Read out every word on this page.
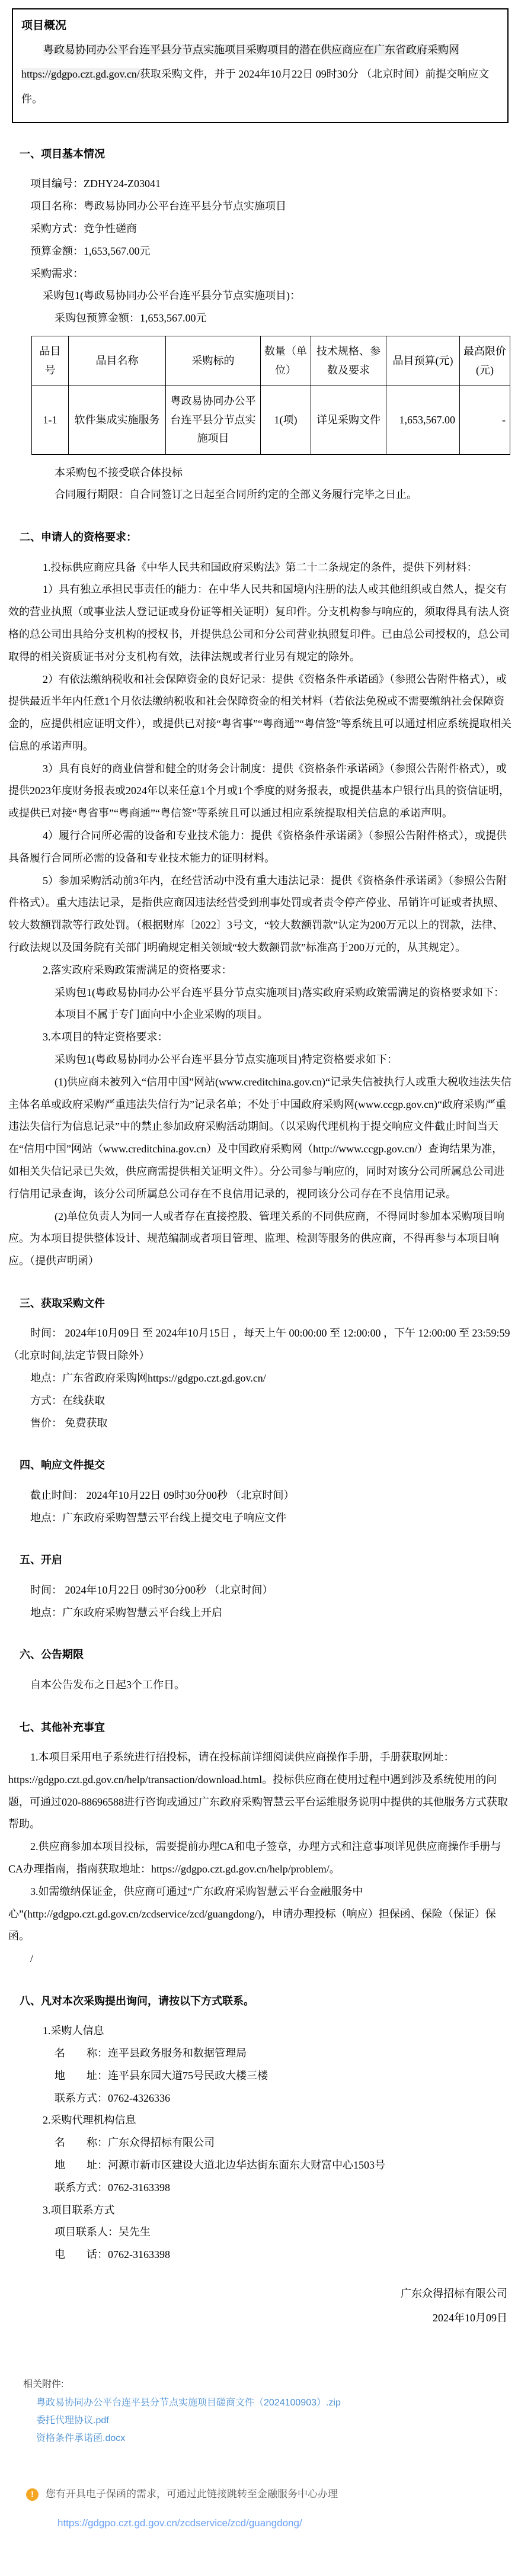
项目概况

粤政易协同办公平台连平县分节点实施项目采购项目的潜在供应商应在广东省政府采购网https://gdgpo.czt.gd.gov.cn/获取采购文件，并于 2024年10月22日 09时30分 （北京时间）前提交响应文件。

一、项目基本情况

项目编号：ZDHY24-Z03041

项目名称：粤政易协同办公平台连平县分节点实施项目

采购方式：竞争性磋商

预算金额：1,653,567.00元

采购需求：

采购包1(粤政易协同办公平台连平县分节点实施项目)：

采购包预算金额：1,653,567.00元

品目号	品目名称	采购标的	数量（单位）	技术规格、参数及要求	品目预算(元)	最高限价(元)
1-1	软件集成实施服务	粤政易协同办公平台连平县分节点实施项目	1(项)	详见采购文件	1,653,567.00	-

本采购包不接受联合体投标

合同履行期限：自合同签订之日起至合同所约定的全部义务履行完毕之日止。

二、申请人的资格要求：

1.投标供应商应具备《中华人民共和国政府采购法》第二十二条规定的条件，提供下列材料：

1）具有独立承担民事责任的能力：在中华人民共和国境内注册的法人或其他组织或自然人，提交有效的营业执照（或事业法人登记证或身份证等相关证明）复印件。分支机构参与响应的，须取得具有法人资格的总公司出具给分支机构的授权书，并提供总公司和分公司营业执照复印件。已由总公司授权的，总公司取得的相关资质证书对分支机构有效，法律法规或者行业另有规定的除外。

2）有依法缴纳税收和社会保障资金的良好记录：提供《资格条件承诺函》（参照公告附件格式），或提供最近半年内任意1个月依法缴纳税收和社会保障资金的相关材料（若依法免税或不需要缴纳社会保障资金的，应提供相应证明文件），或提供已对接“粤省事”“粤商通”“粤信签”等系统且可以通过相应系统提取相关信息的承诺声明。

3）具有良好的商业信誉和健全的财务会计制度：提供《资格条件承诺函》（参照公告附件格式），或提供2023年度财务报表或2024年以来任意1个月或1个季度的财务报表，或提供基本户银行出具的资信证明，或提供已对接“粤省事”“粤商通”“粤信签”等系统且可以通过相应系统提取相关信息的承诺声明。

4）履行合同所必需的设备和专业技术能力：提供《资格条件承诺函》（参照公告附件格式），或提供具备履行合同所必需的设备和专业技术能力的证明材料。

5）参加采购活动前3年内，在经营活动中没有重大违法记录：提供《资格条件承诺函》（参照公告附件格式）。重大违法记录，是指供应商因违法经营受到刑事处罚或者责令停产停业、吊销许可证或者执照、较大数额罚款等行政处罚。（根据财库〔2022〕3号文，“较大数额罚款”认定为200万元以上的罚款，法律、行政法规以及国务院有关部门明确规定相关领域“较大数额罚款”标准高于200万元的，从其规定）。

2.落实政府采购政策需满足的资格要求：

采购包1(粤政易协同办公平台连平县分节点实施项目)落实政府采购政策需满足的资格要求如下：

本项目不属于专门面向中小企业采购的项目。

3.本项目的特定资格要求：

采购包1(粤政易协同办公平台连平县分节点实施项目)特定资格要求如下：

(1)供应商未被列入“信用中国”网站(www.creditchina.gov.cn)“记录失信被执行人或重大税收违法失信主体名单或政府采购严重违法失信行为”记录名单；不处于中国政府采购网(www.ccgp.gov.cn)“政府采购严重违法失信行为信息记录”中的禁止参加政府采购活动期间。（以采购代理机构于提交响应文件截止时间当天在“信用中国”网站（www.creditchina.gov.cn）及中国政府采购网（http://www.ccgp.gov.cn/）查询结果为准，如相关失信记录已失效，供应商需提供相关证明文件）。分公司参与响应的，同时对该分公司所属总公司进行信用记录查询，该分公司所属总公司存在不良信用记录的，视同该分公司存在不良信用记录。

(2)单位负责人为同一人或者存在直接控股、管理关系的不同供应商，不得同时参加本采购项目响应。为本项目提供整体设计、规范编制或者项目管理、监理、检测等服务的供应商，不得再参与本项目响应。（提供声明函）

三、获取采购文件

时间： 2024年10月09日 至 2024年10月15日 ，每天上午 00:00:00 至 12:00:00 ，下午 12:00:00 至 23:59:59（北京时间,法定节假日除外）

地点：广东省政府采购网https://gdgpo.czt.gd.gov.cn/

方式：在线获取

售价： 免费获取

四、响应文件提交

截止时间： 2024年10月22日 09时30分00秒 （北京时间）

地点：广东政府采购智慧云平台线上提交电子响应文件

五、开启

时间： 2024年10月22日 09时30分00秒 （北京时间）

地点：广东政府采购智慧云平台线上开启

六、公告期限

自本公告发布之日起3个工作日。

七、其他补充事宜

1.本项目采用电子系统进行招投标，请在投标前详细阅读供应商操作手册，手册获取网址：https://gdgpo.czt.gd.gov.cn/help/transaction/download.html。投标供应商在使用过程中遇到涉及系统使用的问题，可通过020-88696588进行咨询或通过广东政府采购智慧云平台运维服务说明中提供的其他服务方式获取帮助。

2.供应商参加本项目投标，需要提前办理CA和电子签章，办理方式和注意事项详见供应商操作手册与CA办理指南，指南获取地址：https://gdgpo.czt.gd.gov.cn/help/problem/。

3.如需缴纳保证金，供应商可通过“广东政府采购智慧云平台金融服务中心”(http://gdgpo.czt.gd.gov.cn/zcdservice/zcd/guangdong/)，申请办理投标（响应）担保函、保险（保证）保函。

/

八、凡对本次采购提出询问，请按以下方式联系。

1.采购人信息

名　　称：连平县政务服务和数据管理局

地　　址：连平县东园大道75号民政大楼三楼

联系方式：0762-4326336

2.采购代理机构信息

名　　称：广东众得招标有限公司

地　　址：河源市新市区建设大道北边华达街东面东大财富中心1503号

联系方式：0762-3163398

3.项目联系方式

项目联系人：吴先生

电　　话：0762-3163398

广东众得招标有限公司
2024年10月09日
相关附件:
粤政易协同办公平台连平县分节点实施项目磋商文件（2024100903）.zip
委托代理协议.pdf
资格条件承诺函.docx
!	您有开具电子保函的需求，可通过此链接跳转至金融服务中心办理
https://gdgpo.czt.gd.gov.cn/zcdservice/zcd/guangdong/
